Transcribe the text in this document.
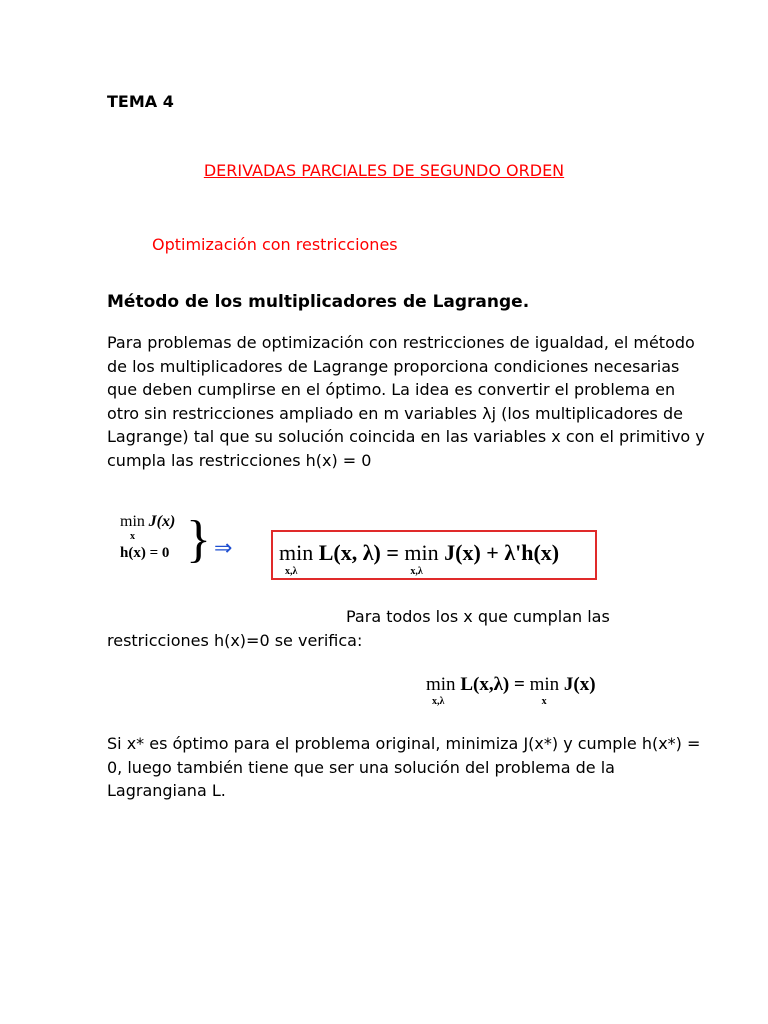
TEMA 4
DERIVADAS PARCIALES DE SEGUNDO ORDEN
Optimización con restricciones
Método de los multiplicadores de Lagrange.
Para problemas de optimización con restricciones de igualdad, el método de los multiplicadores de Lagrange proporciona condiciones necesarias que deben cumplirse en el óptimo. La idea es convertir el problema en otro sin restricciones ampliado en m variables λj (los multiplicadores de Lagrange) tal que su solución coincida en las variables x con el primitivo y cumpla las restricciones h(x) = 0
min J(x)
x
h(x) = 0 } ⇒ min
x,λ
L(x, λ) = min
x,λ
J(x) + λ'h(x)
Para todos los x que cumplan las restricciones h(x)=0 se verifica:
min
x,λ
L(x,λ) = min
x
J(x)
Si x* es óptimo para el problema original, minimiza J(x*) y cumple h(x*) = 0, luego también tiene que ser una solución del problema de la Lagrangiana L.
